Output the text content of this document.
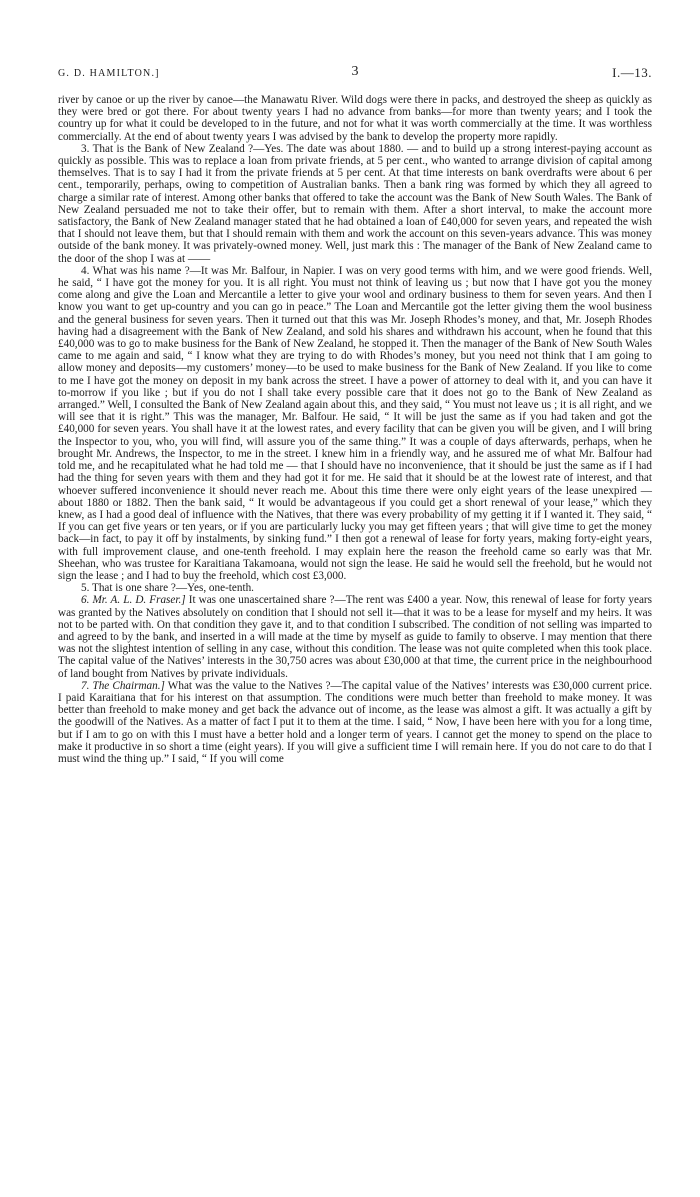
G. D. HAMILTON.]	3	I.—13.

river by canoe or up the river by canoe—the Manawatu River. Wild dogs were there in packs, and destroyed the sheep as quickly as they were bred or got there. For about twenty years I had no advance from banks—for more than twenty years; and I took the country up for what it could be developed to in the future, and not for what it was worth commercially at the time. It was worthless commercially. At the end of about twenty years I was advised by the bank to develop the property more rapidly.

3. That is the Bank of New Zealand ?—Yes. The date was about 1880. — and to build up a strong interest-paying account as quickly as possible. This was to replace a loan from private friends, at 5 per cent., who wanted to arrange division of capital among themselves. That is to say I had it from the private friends at 5 per cent. At that time interests on bank overdrafts were about 6 per cent., temporarily, perhaps, owing to competition of Australian banks. Then a bank ring was formed by which they all agreed to charge a similar rate of interest. Among other banks that offered to take the account was the Bank of New South Wales. The Bank of New Zealand persuaded me not to take their offer, but to remain with them. After a short interval, to make the account more satisfactory, the Bank of New Zealand manager stated that he had obtained a loan of £40,000 for seven years, and repeated the wish that I should not leave them, but that I should remain with them and work the account on this seven-years advance. This was money outside of the bank money. It was privately-owned money. Well, just mark this : The manager of the Bank of New Zealand came to the door of the shop I was at ——

4. What was his name ?—It was Mr. Balfour, in Napier. I was on very good terms with him, and we were good friends. Well, he said, “ I have got the money for you. It is all right. You must not think of leaving us ; but now that I have got you the money come along and give the Loan and Mercantile a letter to give your wool and ordinary business to them for seven years. And then I know you want to get up-country and you can go in peace.” The Loan and Mercantile got the letter giving them the wool business and the general business for seven years. Then it turned out that this was Mr. Joseph Rhodes’s money, and that, Mr. Joseph Rhodes having had a disagreement with the Bank of New Zealand, and sold his shares and withdrawn his account, when he found that this £40,000 was to go to make business for the Bank of New Zealand, he stopped it. Then the manager of the Bank of New South Wales came to me again and said, “ I know what they are trying to do with Rhodes’s money, but you need not think that I am going to allow money and deposits—my customers’ money—to be used to make business for the Bank of New Zealand. If you like to come to me I have got the money on deposit in my bank across the street. I have a power of attorney to deal with it, and you can have it to-morrow if you like ; but if you do not I shall take every possible care that it does not go to the Bank of New Zealand as arranged.” Well, I consulted the Bank of New Zealand again about this, and they said, “ You must not leave us ; it is all right, and we will see that it is right.” This was the manager, Mr. Balfour. He said, “ It will be just the same as if you had taken and got the £40,000 for seven years. You shall have it at the lowest rates, and every facility that can be given you will be given, and I will bring the Inspector to you, who, you will find, will assure you of the same thing.” It was a couple of days afterwards, perhaps, when he brought Mr. Andrews, the Inspector, to me in the street. I knew him in a friendly way, and he assured me of what Mr. Balfour had told me, and he recapitulated what he had told me — that I should have no inconvenience, that it should be just the same as if I had had the thing for seven years with them and they had got it for me. He said that it should be at the lowest rate of interest, and that whoever suffered inconvenience it should never reach me. About this time there were only eight years of the lease unexpired — about 1880 or 1882. Then the bank said, “ It would be advantageous if you could get a short renewal of your lease,” which they knew, as I had a good deal of influence with the Natives, that there was every probability of my getting it if I wanted it. They said, “ If you can get five years or ten years, or if you are particularly lucky you may get fifteen years ; that will give time to get the money back—in fact, to pay it off by instalments, by sinking fund.” I then got a renewal of lease for forty years, making forty-eight years, with full improvement clause, and one-tenth freehold. I may explain here the reason the freehold came so early was that Mr. Sheehan, who was trustee for Karaitiana Takamoana, would not sign the lease. He said he would sell the freehold, but he would not sign the lease ; and I had to buy the freehold, which cost £3,000.

5. That is one share ?—Yes, one-tenth.

6. Mr. A. L. D. Fraser.] It was one unascertained share ?—The rent was £400 a year. Now, this renewal of lease for forty years was granted by the Natives absolutely on condition that I should not sell it—that it was to be a lease for myself and my heirs. It was not to be parted with. On that condition they gave it, and to that condition I subscribed. The condition of not selling was imparted to and agreed to by the bank, and inserted in a will made at the time by myself as guide to family to observe. I may mention that there was not the slightest intention of selling in any case, without this condition. The lease was not quite completed when this took place. The capital value of the Natives’ interests in the 30,750 acres was about £30,000 at that time, the current price in the neighbourhood of land bought from Natives by private individuals.

7. The Chairman.] What was the value to the Natives ?—The capital value of the Natives’ interests was £30,000 current price. I paid Karaitiana that for his interest on that assumption. The conditions were much better than freehold to make money. It was better than freehold to make money and get back the advance out of income, as the lease was almost a gift. It was actually a gift by the goodwill of the Natives. As a matter of fact I put it to them at the time. I said, “ Now, I have been here with you for a long time, but if I am to go on with this I must have a better hold and a longer term of years. I cannot get the money to spend on the place to make it productive in so short a time (eight years). If you will give a sufficient time I will remain here. If you do not care to do that I must wind the thing up.” I said, “ If you will come
